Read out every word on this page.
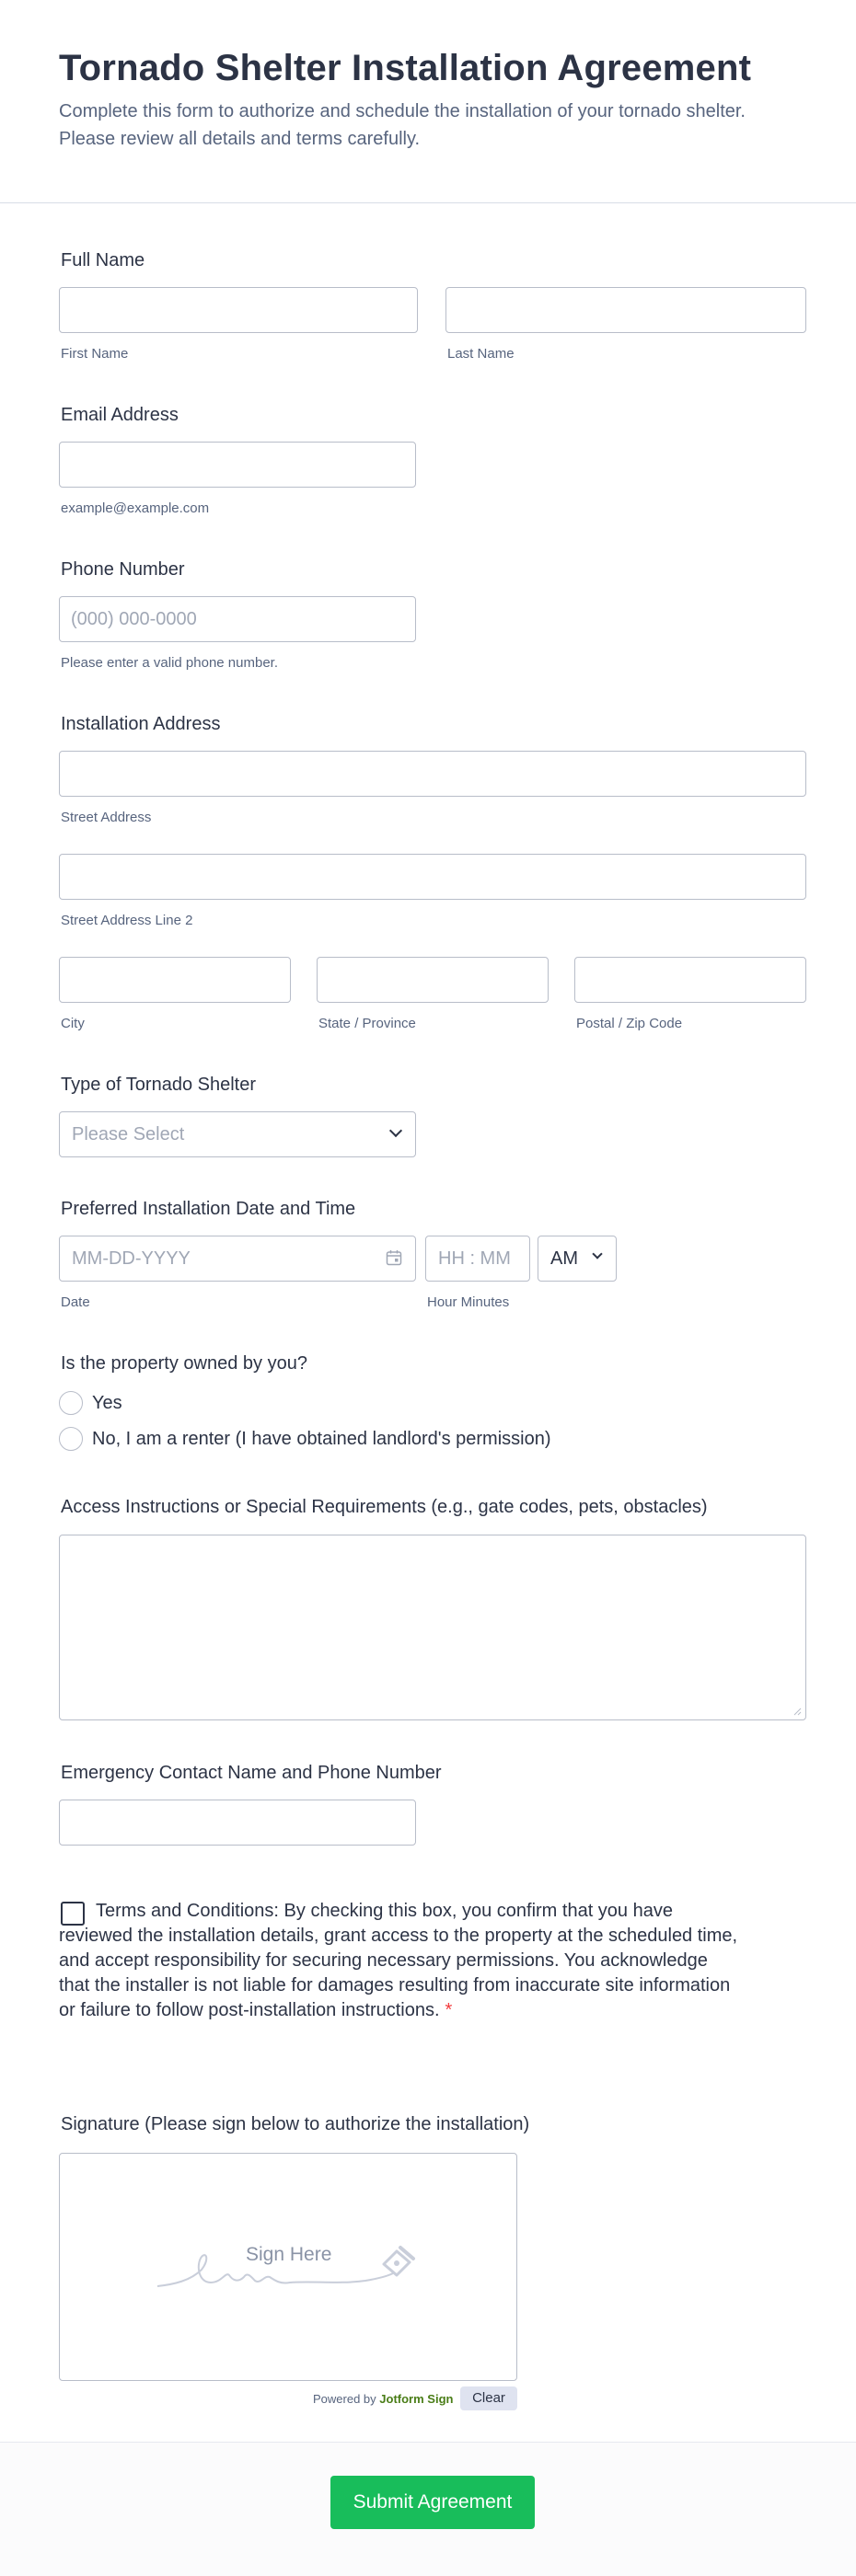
Tornado Shelter Installation Agreement
Complete this form to authorize and schedule the installation of your tornado shelter. Please review all details and terms carefully.
Full Name
First Name	Last Name
Email Address
example@example.com
Phone Number
(000) 000-0000
Please enter a valid phone number.
Installation Address
Street Address
Street Address Line 2
City	State / Province	Postal / Zip Code
Type of Tornado Shelter
Please Select
Preferred Installation Date and Time
MM-DD-YYYY	HH : MM AM
Date	Hour Minutes
Is the property owned by you?
Yes
No, I am a renter (I have obtained landlord's permission)
Access Instructions or Special Requirements (e.g., gate codes, pets, obstacles)
Emergency Contact Name and Phone Number
Terms and Conditions: By checking this box, you confirm that you have reviewed the installation details, grant access to the property at the scheduled time, and accept responsibility for securing necessary permissions. You acknowledge that the installer is not liable for damages resulting from inaccurate site information or failure to follow post-installation instructions. *
Signature (Please sign below to authorize the installation)
Sign Here
Powered by Jotform Sign	Clear
Submit Agreement
